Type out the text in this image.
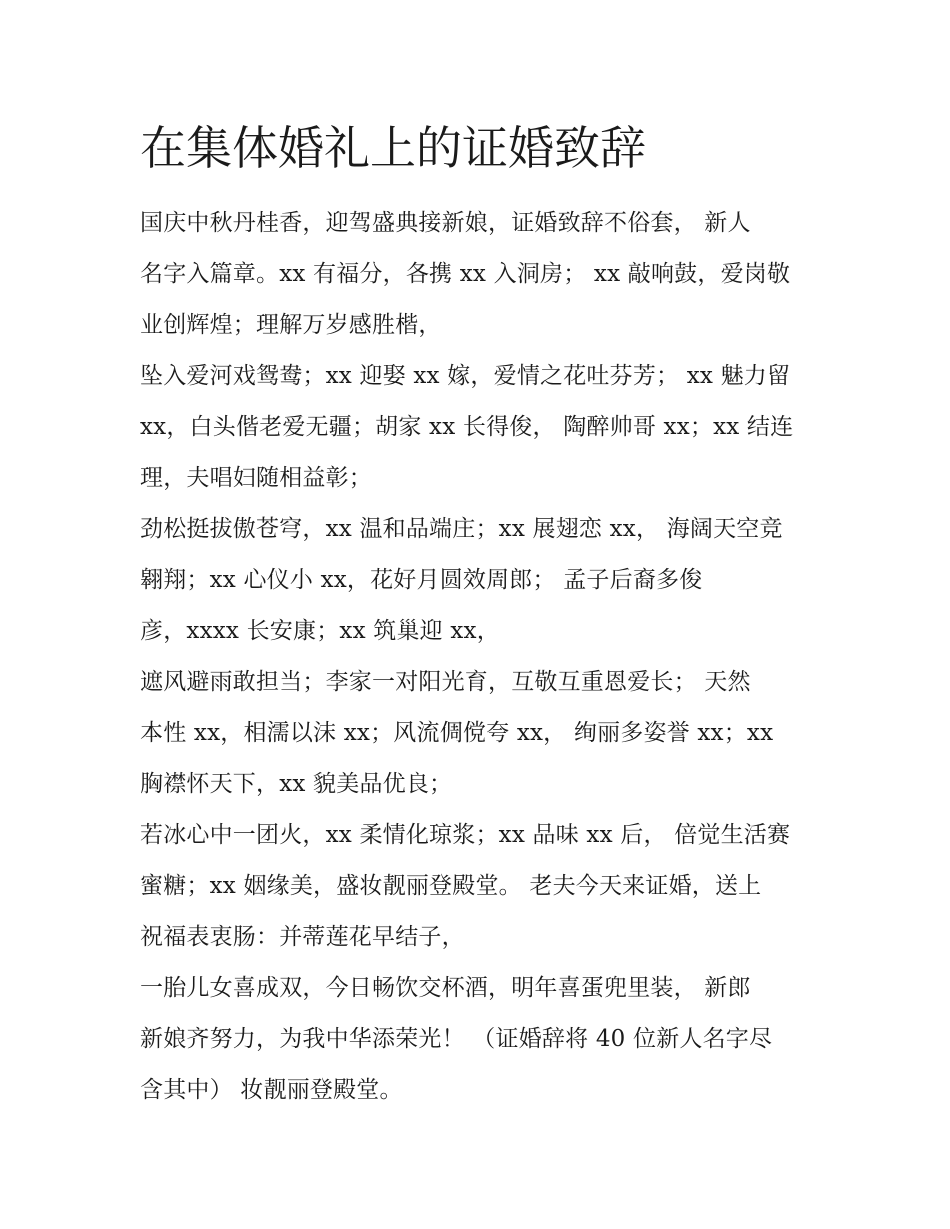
在集体婚礼上的证婚致辞
国庆中秋丹桂香，迎驾盛典接新娘，证婚致辞不俗套， 新人
名字入篇章。xx 有福分，各携 xx 入洞房； xx 敲响鼓，爱岗敬
业创辉煌；理解万岁感胜楷，
坠入爱河戏鸳鸯；xx 迎娶 xx 嫁，爱情之花吐芬芳； xx 魅力留
xx，白头偕老爱无疆；胡家 xx 长得俊， 陶醉帅哥 xx；xx 结连
理，夫唱妇随相益彰；
劲松挺拔傲苍穹，xx 温和品端庄；xx 展翅恋 xx， 海阔天空竞
翱翔；xx 心仪小 xx，花好月圆效周郎； 孟子后裔多俊
彦，xxxx 长安康；xx 筑巢迎 xx，
遮风避雨敢担当；李家一对阳光育，互敬互重恩爱长； 天然
本性 xx，相濡以沫 xx；风流倜傥夸 xx， 绚丽多姿誉 xx；xx
胸襟怀天下，xx 貌美品优良；
若冰心中一团火，xx 柔情化琼浆；xx 品味 xx 后， 倍觉生活赛
蜜糖；xx 姻缘美，盛妆靓丽登殿堂。 老夫今天来证婚，送上
祝福表衷肠：并蒂莲花早结子，
一胎儿女喜成双，今日畅饮交杯酒，明年喜蛋兜里装， 新郎
新娘齐努力，为我中华添荣光！ （证婚辞将 40 位新人名字尽
含其中） 妆靓丽登殿堂。
